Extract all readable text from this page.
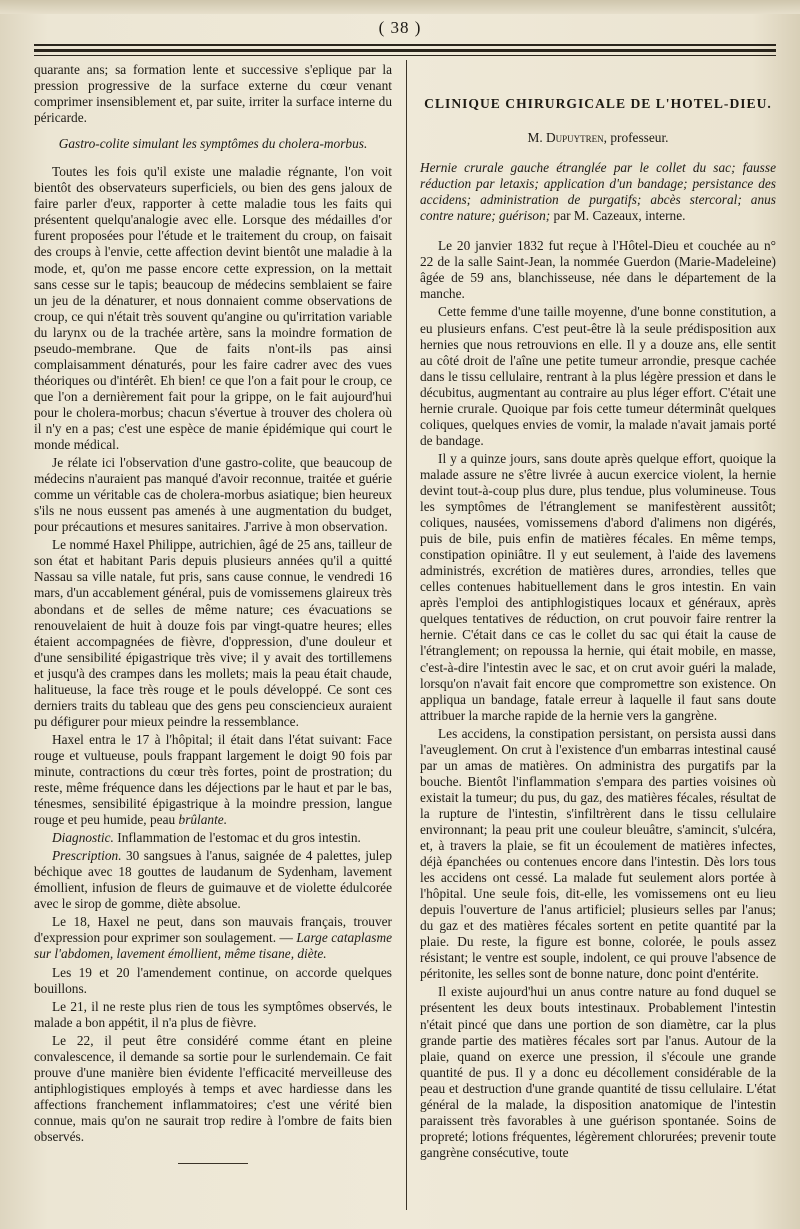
( 38 )

quarante ans; sa formation lente et successive s'eplique par la pression progressive de la surface externe du cœur venant comprimer insensiblement et, par suite, irriter la surface interne du péricarde.

Gastro-colite simulant les symptômes du cholera-morbus.

Toutes les fois qu'il existe une maladie régnante, l'on voit bientôt des observateurs superficiels, ou bien des gens jaloux de faire parler d'eux, rapporter à cette maladie tous les faits qui présentent quelqu'analogie avec elle. Lorsque des médailles d'or furent proposées pour l'étude et le traitement du croup, on faisait des croups à l'envie, cette affection devint bientôt une maladie à la mode, et, qu'on me passe encore cette expression, on la mettait sans cesse sur le tapis; beaucoup de médecins semblaient se faire un jeu de la dénaturer, et nous donnaient comme observations de croup, ce qui n'était très souvent qu'angine ou qu'irritation variable du larynx ou de la trachée artère, sans la moindre formation de pseudo-membrane. Que de faits n'ont-ils pas ainsi complaisamment dénaturés, pour les faire cadrer avec des vues théoriques ou d'intérêt. Eh bien! ce que l'on a fait pour le croup, ce que l'on a dernièrement fait pour la grippe, on le fait aujourd'hui pour le cholera-morbus; chacun s'évertue à trouver des cholera où il n'y en a pas; c'est une espèce de manie épidémique qui court le monde médical.

Je rélate ici l'observation d'une gastro-colite, que beaucoup de médecins n'auraient pas manqué d'avoir reconnue, traitée et guérie comme un véritable cas de cholera-morbus asiatique; bien heureux s'ils ne nous eussent pas amenés à une augmentation du budget, pour précautions et mesures sanitaires. J'arrive à mon observation.

Le nommé Haxel Philippe, autrichien, âgé de 25 ans, tailleur de son état et habitant Paris depuis plusieurs années qu'il a quitté Nassau sa ville natale, fut pris, sans cause connue, le vendredi 16 mars, d'un accablement général, puis de vomissemens glaireux très abondans et de selles de même nature; ces évacuations se renouvelaient de huit à douze fois par vingt-quatre heures; elles étaient accompagnées de fièvre, d'oppression, d'une douleur et d'une sensibilité épigastrique très vive; il y avait des tortillemens et jusqu'à des crampes dans les mollets; mais la peau était chaude, halitueuse, la face très rouge et le pouls développé. Ce sont ces derniers traits du tableau que des gens peu consciencieux auraient pu défigurer pour mieux peindre la ressemblance.

Haxel entra le 17 à l'hôpital; il était dans l'état suivant: Face rouge et vultueuse, pouls frappant largement le doigt 90 fois par minute, contractions du cœur très fortes, point de prostration; du reste, même fréquence dans les déjections par le haut et par le bas, ténesmes, sensibilité épigastrique à la moindre pression, langue rouge et peu humide, peau brûlante.

Diagnostic. Inflammation de l'estomac et du gros intestin.

Prescription. 30 sangsues à l'anus, saignée de 4 palettes, julep béchique avec 18 gouttes de laudanum de Sydenham, lavement émollient, infusion de fleurs de guimauve et de violette édulcorée avec le sirop de gomme, diète absolue.

Le 18, Haxel ne peut, dans son mauvais français, trouver d'expression pour exprimer son soulagement. — Large cataplasme sur l'abdomen, lavement émollient, même tisane, diète.

Les 19 et 20 l'amendement continue, on accorde quelques bouillons.

Le 21, il ne reste plus rien de tous les symptômes observés, le malade a bon appétit, il n'a plus de fièvre.

Le 22, il peut être considéré comme étant en pleine convalescence, il demande sa sortie pour le surlendemain. Ce fait prouve d'une manière bien évidente l'efficacité merveilleuse des antiphlogistiques employés à temps et avec hardiesse dans les affections franchement inflammatoires; c'est une vérité bien connue, mais qu'on ne saurait trop redire à l'ombre de faits bien observés.

CLINIQUE CHIRURGICALE DE L'HOTEL-DIEU.

M. Dupuytren, professeur.

Hernie crurale gauche étranglée par le collet du sac; fausse réduction par letaxis; application d'un bandage; persistance des accidens; administration de purgatifs; abcès stercoral; anus contre nature; guérison; par M. Cazeaux, interne.

Le 20 janvier 1832 fut reçue à l'Hôtel-Dieu et couchée au n° 22 de la salle Saint-Jean, la nommée Guerdon (Marie-Madeleine) âgée de 59 ans, blanchisseuse, née dans le département de la manche.

Cette femme d'une taille moyenne, d'une bonne constitution, a eu plusieurs enfans. C'est peut-être là la seule prédisposition aux hernies que nous retrouvions en elle. Il y a douze ans, elle sentit au côté droit de l'aîne une petite tumeur arrondie, presque cachée dans le tissu cellulaire, rentrant à la plus légère pression et dans le décubitus, augmentant au contraire au plus léger effort. C'était une hernie crurale. Quoique par fois cette tumeur déterminât quelques coliques, quelques envies de vomir, la malade n'avait jamais porté de bandage.

Il y a quinze jours, sans doute après quelque effort, quoique la malade assure ne s'être livrée à aucun exercice violent, la hernie devint tout-à-coup plus dure, plus tendue, plus volumineuse. Tous les symptômes de l'étranglement se manifestèrent aussitôt; coliques, nausées, vomissemens d'abord d'alimens non digérés, puis de bile, puis enfin de matières fécales. En même temps, constipation opiniâtre. Il y eut seulement, à l'aide des lavemens administrés, excrétion de matières dures, arrondies, telles que celles contenues habituellement dans le gros intestin. En vain après l'emploi des antiphlogistiques locaux et généraux, après quelques tentatives de réduction, on crut pouvoir faire rentrer la hernie. C'était dans ce cas le collet du sac qui était la cause de l'étranglement; on repoussa la hernie, qui était mobile, en masse, c'est-à-dire l'intestin avec le sac, et on crut avoir guéri la malade, lorsqu'on n'avait fait encore que compromettre son existence. On appliqua un bandage, fatale erreur à laquelle il faut sans doute attribuer la marche rapide de la hernie vers la gangrène.

Les accidens, la constipation persistant, on persista aussi dans l'aveuglement. On crut à l'existence d'un embarras intestinal causé par un amas de matières. On administra des purgatifs par la bouche. Bientôt l'inflammation s'empara des parties voisines où existait la tumeur; du pus, du gaz, des matières fécales, résultat de la rupture de l'intestin, s'infiltrèrent dans le tissu cellulaire environnant; la peau prit une couleur bleuâtre, s'amincit, s'ulcéra, et, à travers la plaie, se fit un écoulement de matières infectes, déjà épanchées ou contenues encore dans l'intestin. Dès lors tous les accidens ont cessé. La malade fut seulement alors portée à l'hôpital. Une seule fois, dit-elle, les vomissemens ont eu lieu depuis l'ouverture de l'anus artificiel; plusieurs selles par l'anus; du gaz et des matières fécales sortent en petite quantité par la plaie. Du reste, la figure est bonne, colorée, le pouls assez résistant; le ventre est souple, indolent, ce qui prouve l'absence de péritonite, les selles sont de bonne nature, donc point d'entérite.

Il existe aujourd'hui un anus contre nature au fond duquel se présentent les deux bouts intestinaux. Probablement l'intestin n'était pincé que dans une portion de son diamètre, car la plus grande partie des matières fécales sort par l'anus. Autour de la plaie, quand on exerce une pression, il s'écoule une grande quantité de pus. Il y a donc eu décollement considérable de la peau et destruction d'une grande quantité de tissu cellulaire. L'état général de la malade, la disposition anatomique de l'intestin paraissent très favorables à une guérison spontanée. Soins de propreté; lotions fréquentes, légèrement chlorurées; prevenir toute gangrène consécutive, toute
